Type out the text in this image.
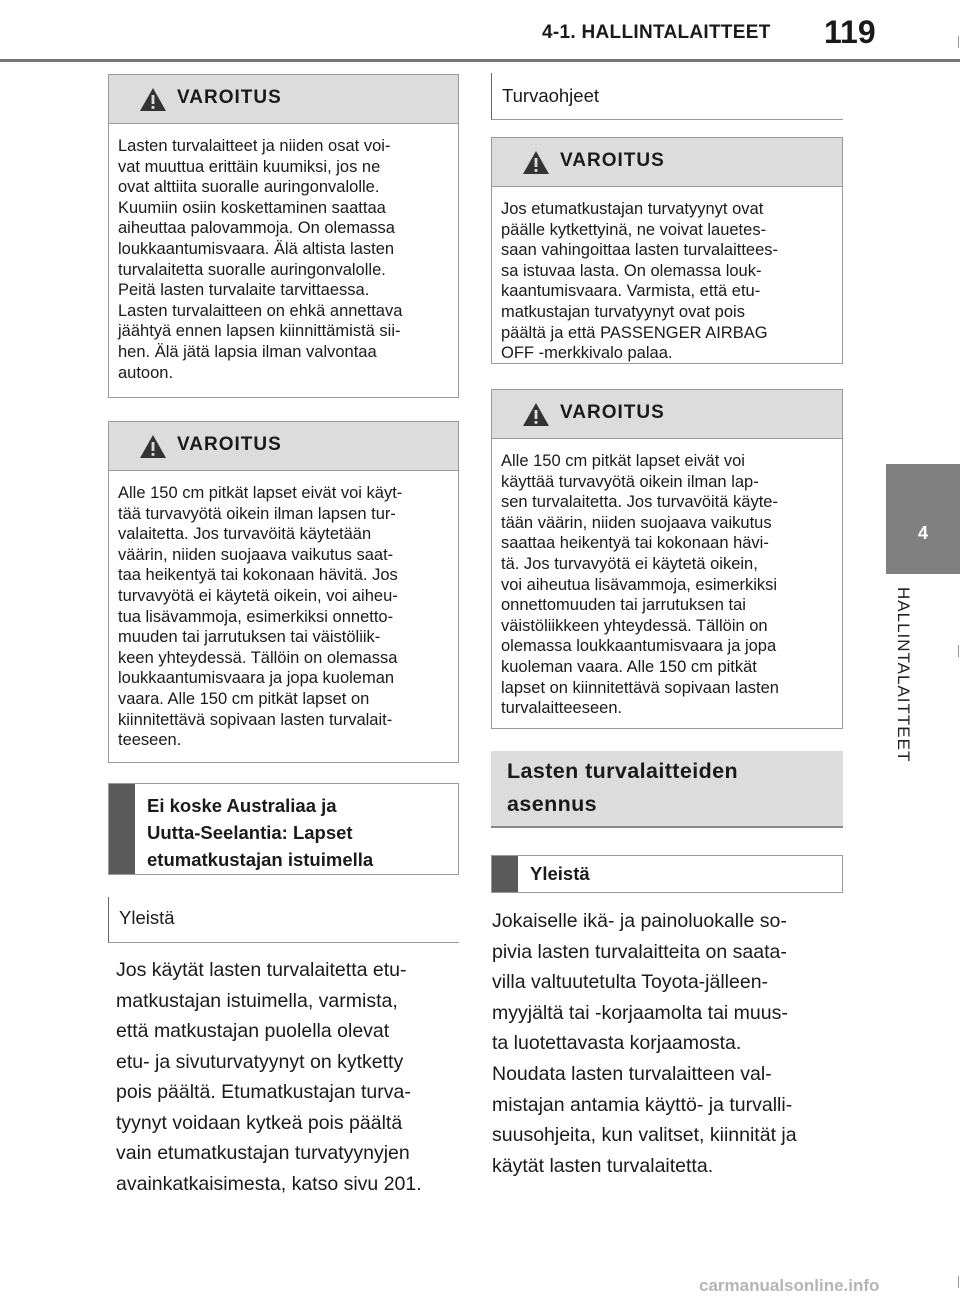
4-1. HALLINTALAITTEET 119
4
HALLINTALAITTEET
VAROITUS
Lasten turvalaitteet ja niiden osat voi-
vat muuttua erittäin kuumiksi, jos ne
ovat alttiita suoralle auringonvalolle.
Kuumiin osiin koskettaminen saattaa
aiheuttaa palovammoja. On olemassa
loukkaantumisvaara. Älä altista lasten
turvalaitetta suoralle auringonvalolle.
Peitä lasten turvalaite tarvittaessa.
Lasten turvalaitteen on ehkä annettava
jäähtyä ennen lapsen kiinnittämistä sii-
hen. Älä jätä lapsia ilman valvontaa
autoon.
VAROITUS
Alle 150 cm pitkät lapset eivät voi käyt-
tää turvavyötä oikein ilman lapsen tur-
valaitetta. Jos turvavöitä käytetään
väärin, niiden suojaava vaikutus saat-
taa heikentyä tai kokonaan hävitä. Jos
turvavyötä ei käytetä oikein, voi aiheu-
tua lisävammoja, esimerkiksi onnetto-
muuden tai jarrutuksen tai väistöliik-
keen yhteydessä. Tällöin on olemassa
loukkaantumisvaara ja jopa kuoleman
vaara. Alle 150 cm pitkät lapset on
kiinnitettävä sopivaan lasten turvalait-
teeseen.
Ei koske Australiaa ja
Uutta-Seelantia: Lapset
etumatkustajan istuimella
Yleistä
Jos käytät lasten turvalaitetta etu-
matkustajan istuimella, varmista,
että matkustajan puolella olevat
etu- ja sivuturvatyynyt on kytketty
pois päältä. Etumatkustajan turva-
tyynyt voidaan kytkeä pois päältä
vain etumatkustajan turvatyynyjen
avainkatkaisimesta, katso sivu 201.
Turvaohjeet
VAROITUS
Jos etumatkustajan turvatyynyt ovat
päälle kytkettyinä, ne voivat lauetes-
saan vahingoittaa lasten turvalaittees-
sa istuvaa lasta. On olemassa louk-
kaantumisvaara. Varmista, että etu-
matkustajan turvatyynyt ovat pois
päältä ja että PASSENGER AIRBAG
OFF -merkkivalo palaa.
VAROITUS
Alle 150 cm pitkät lapset eivät voi
käyttää turvavyötä oikein ilman lap-
sen turvalaitetta. Jos turvavöitä käyte-
tään väärin, niiden suojaava vaikutus
saattaa heikentyä tai kokonaan hävi-
tä. Jos turvavyötä ei käytetä oikein,
voi aiheutua lisävammoja, esimerkiksi
onnettomuuden tai jarrutuksen tai
väistöliikkeen yhteydessä. Tällöin on
olemassa loukkaantumisvaara ja jopa
kuoleman vaara. Alle 150 cm pitkät
lapset on kiinnitettävä sopivaan lasten
turvalaitteeseen.
Lasten turvalaitteiden
asennus
Yleistä
Jokaiselle ikä- ja painoluokalle so-
pivia lasten turvalaitteita on saata-
villa valtuutetulta Toyota-jälleen-
myyjältä tai -korjaamolta tai muus-
ta luotettavasta korjaamosta.
Noudata lasten turvalaitteen val-
mistajan antamia käyttö- ja turvalli-
suusohjeita, kun valitset, kiinnität ja
käytät lasten turvalaitetta.
carmanualsonline.info
